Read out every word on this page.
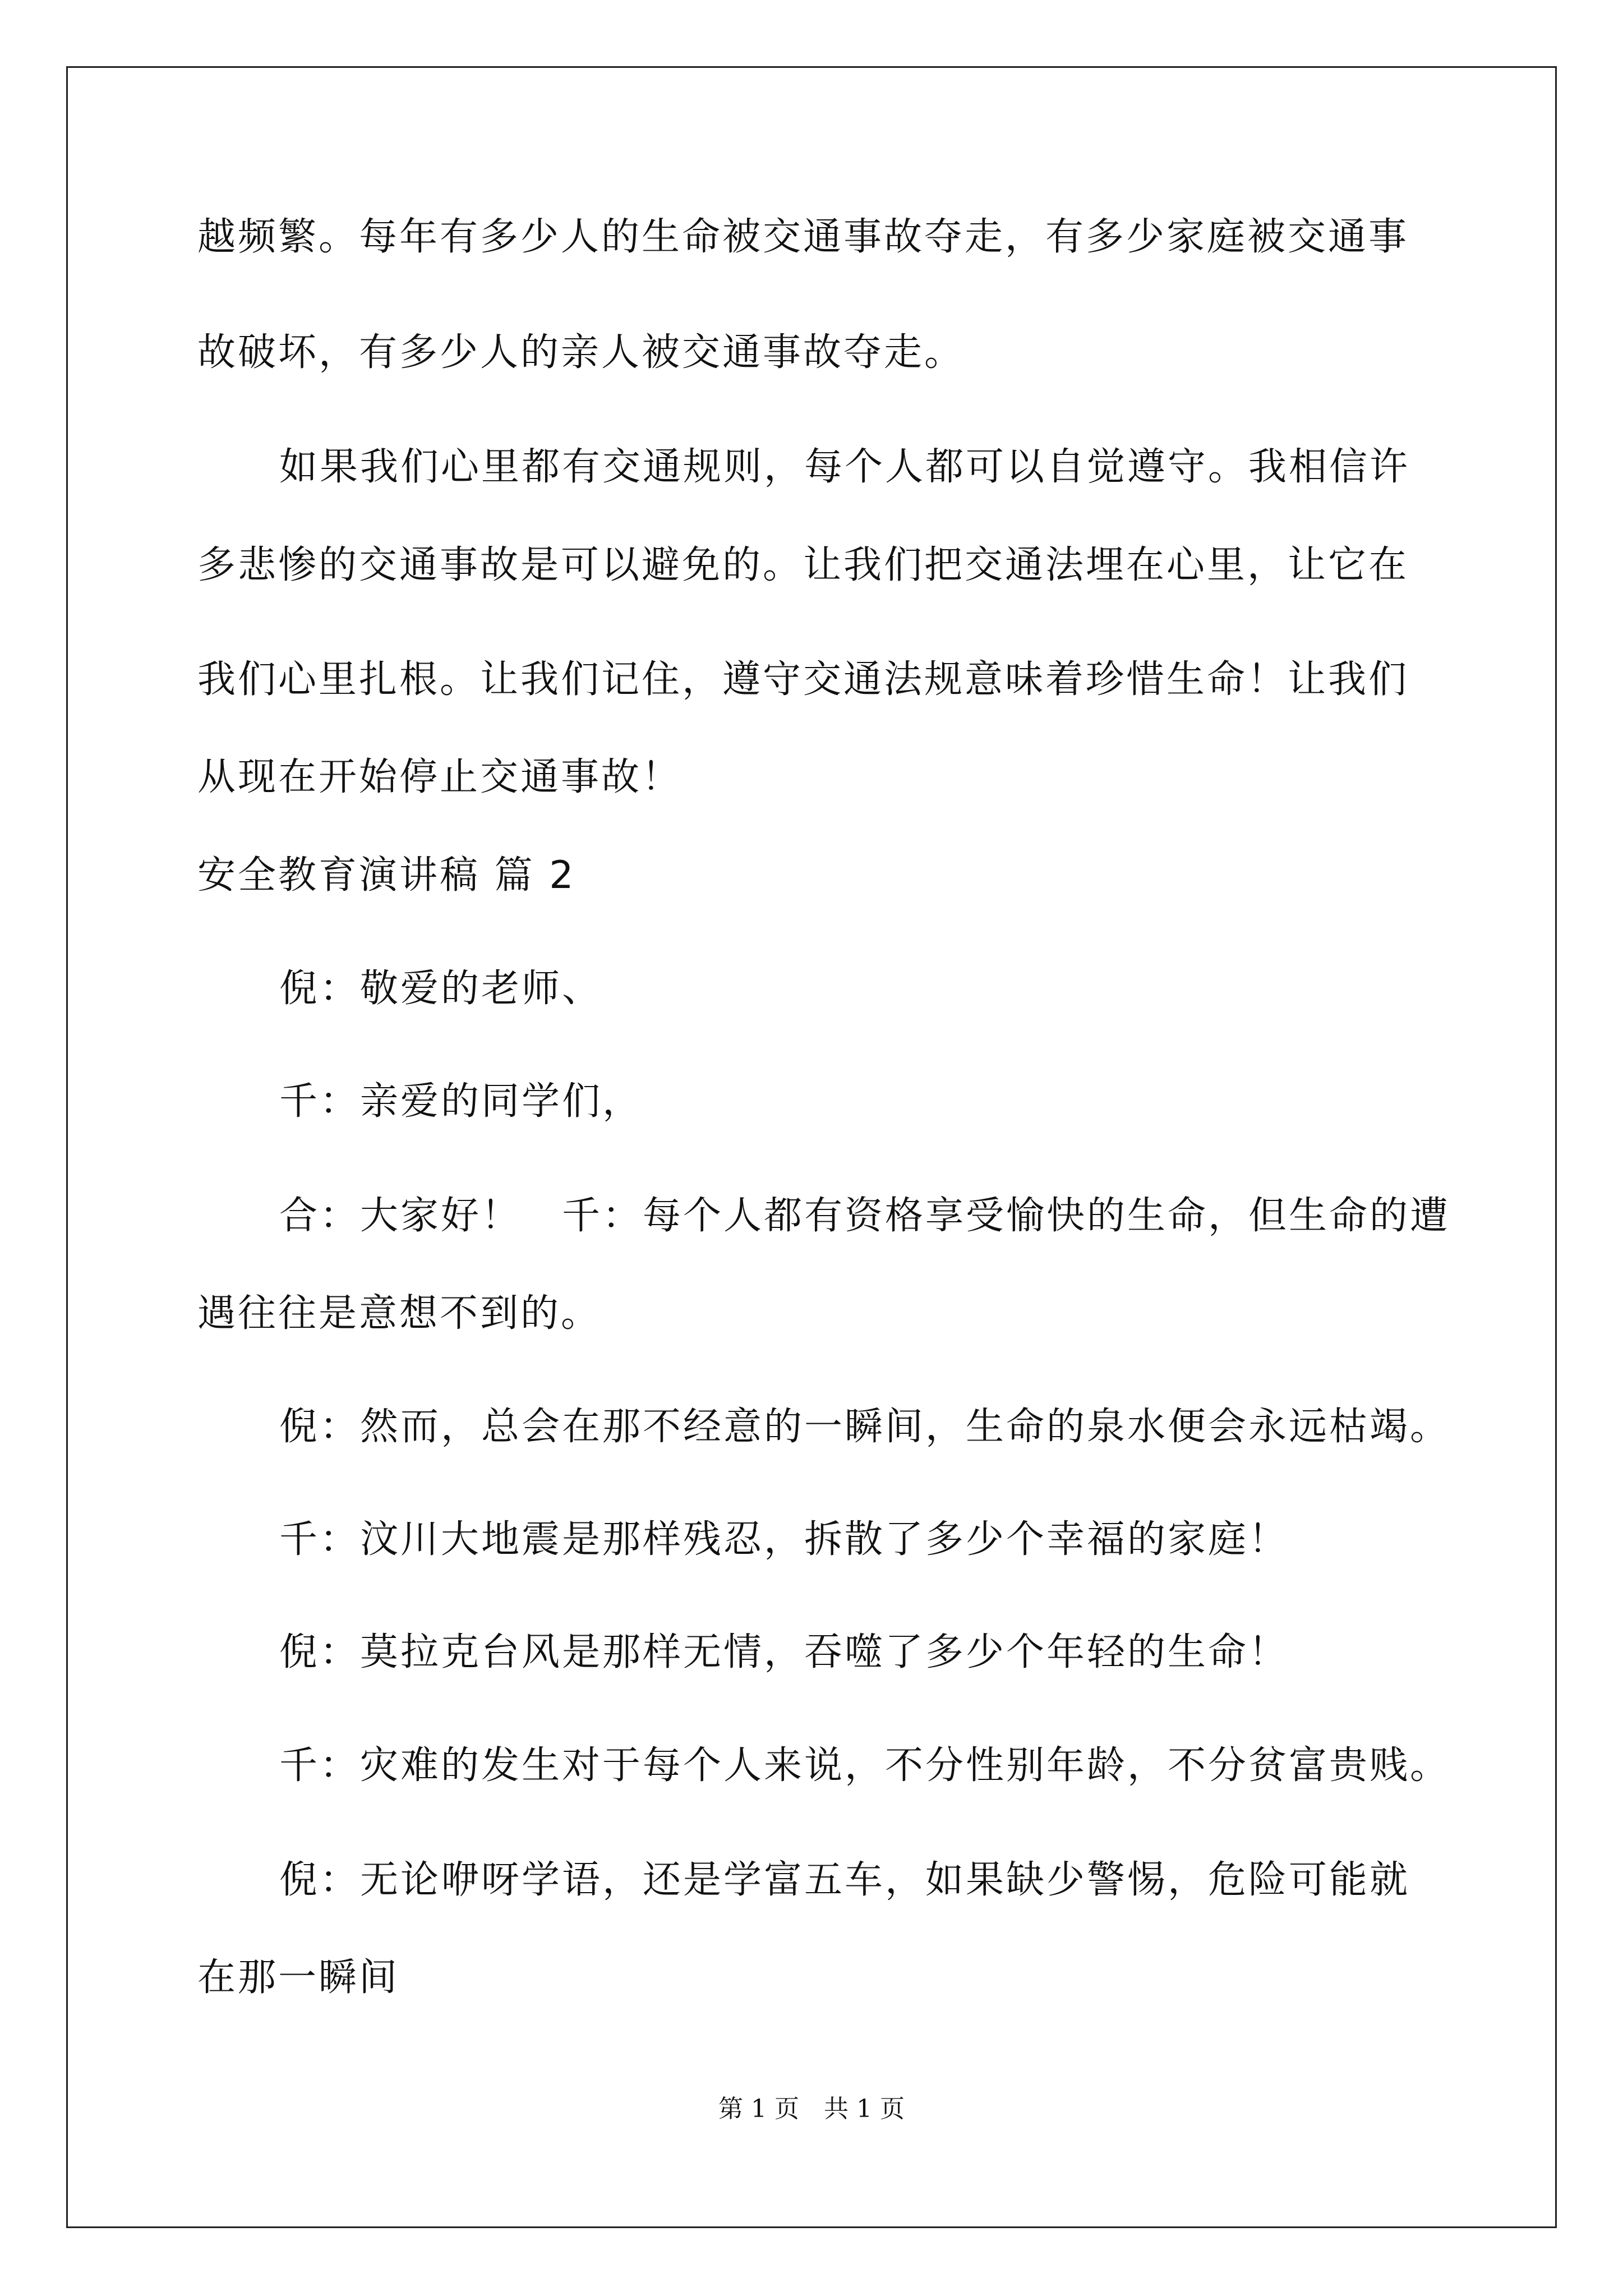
越频繁。每年有多少人的生命被交通事故夺走，有多少家庭被交通事
故破坏，有多少人的亲人被交通事故夺走。
如果我们心里都有交通规则，每个人都可以自觉遵守。我相信许
多悲惨的交通事故是可以避免的。让我们把交通法埋在心里，让它在
我们心里扎根。让我们记住，遵守交通法规意味着珍惜生命！让我们
从现在开始停止交通事故！
安全教育演讲稿 篇 2
倪：敬爱的老师、
千：亲爱的同学们，
合：大家好！　千：每个人都有资格享受愉快的生命，但生命的遭
遇往往是意想不到的。
倪：然而，总会在那不经意的一瞬间，生命的泉水便会永远枯竭。
千：汶川大地震是那样残忍，拆散了多少个幸福的家庭！
倪：莫拉克台风是那样无情，吞噬了多少个年轻的生命！
千：灾难的发生对于每个人来说，不分性别年龄，不分贫富贵贱。
倪：无论咿呀学语，还是学富五车，如果缺少警惕，危险可能就
在那一瞬间
第 1 页　共 1 页
